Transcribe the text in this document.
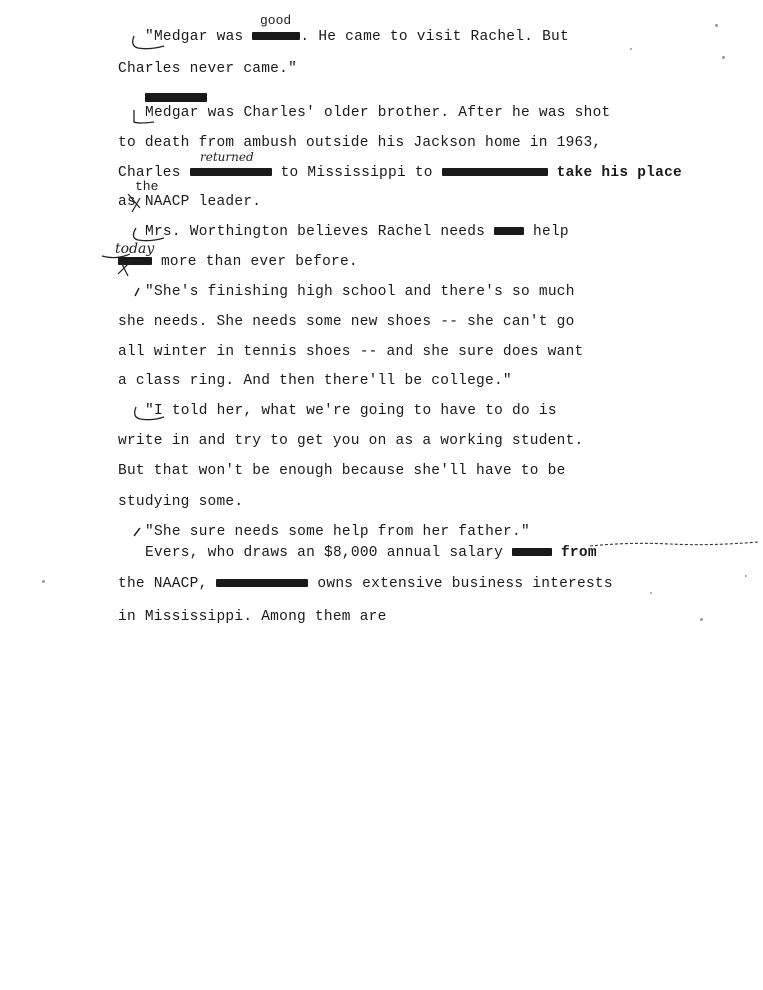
"Medgar was	. He came to visit Rachel. But
good
Charles never came."
Medgar was Charles' older brother. After he was shot
to death from ambush outside his Jackson home in 1963,
Charles	to Mississippi to	take his place
returned
as NAACP leader.
the
Mrs. Worthington believes Rachel needs  help
more than ever before.
today
"She's finishing high school and there's so much
she needs. She needs some new shoes -- she can't go
all winter in tennis shoes -- and she sure does want
a class ring. And then there'll be college."
"I told her, what we're going to have to do is
write in and try to get you on as a working student.
But that won't be enough because she'll have to be
studying some.
"She sure needs some help from her father."
Evers, who draws an $8,000 annual salary	from
the NAACP,	owns extensive business interests
in Mississippi. Among them are
